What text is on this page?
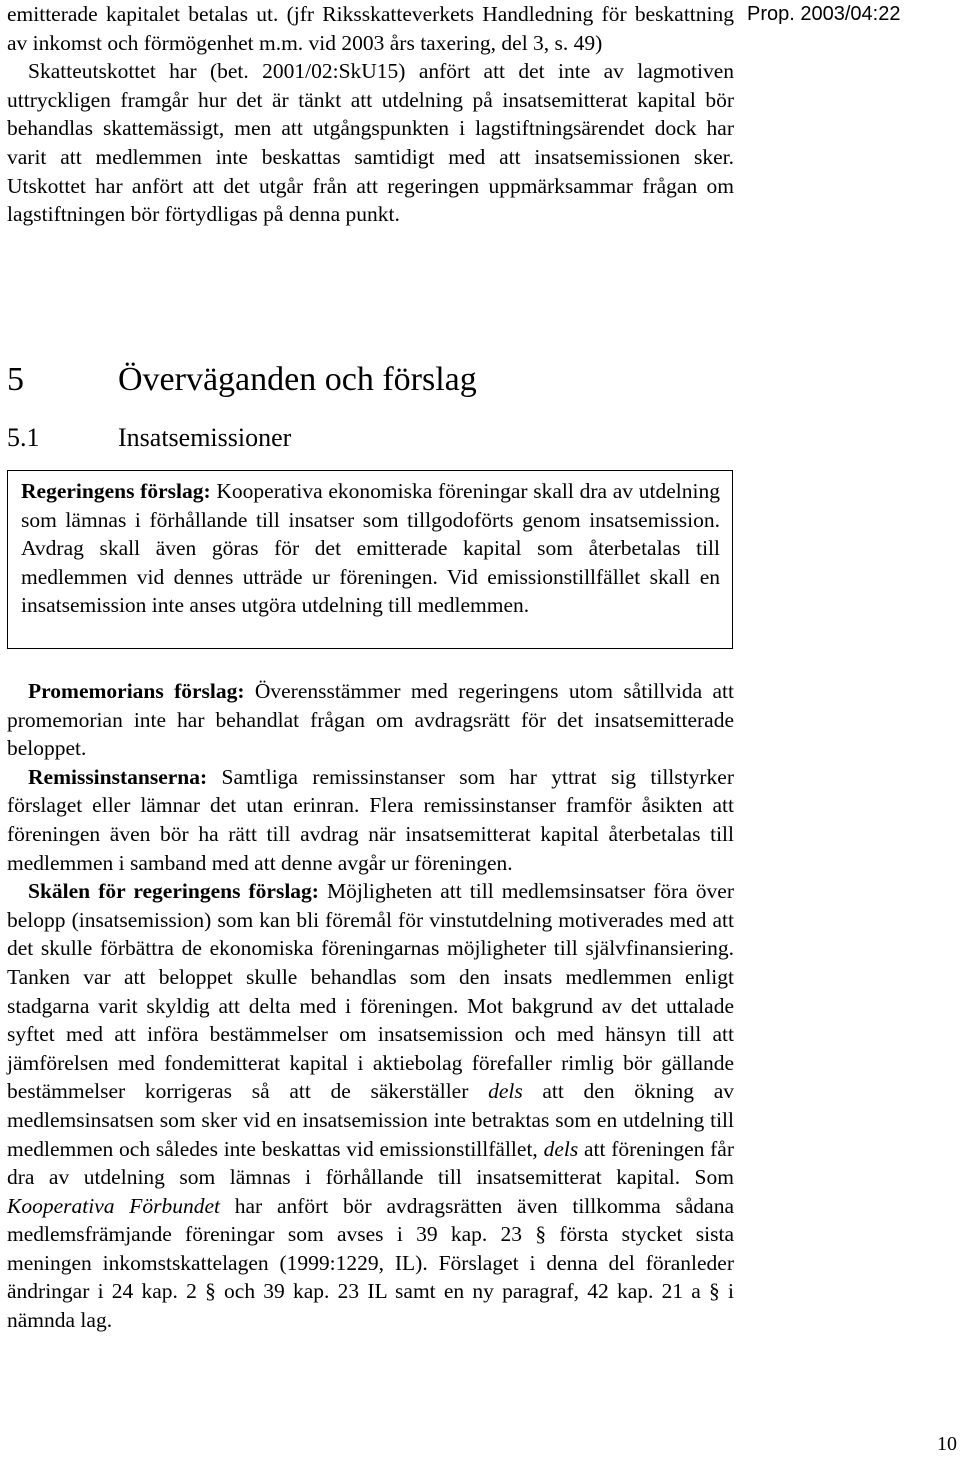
emitterade kapitalet betalas ut. (jfr Riksskatteverkets Handledning för beskattning av inkomst och förmögenhet m.m. vid 2003 års taxering, del 3, s. 49)

Skatteutskottet har (bet. 2001/02:SkU15) anfört att det inte av lagmotiven uttryckligen framgår hur det är tänkt att utdelning på insatsemitterat kapital bör behandlas skattemässigt, men att utgångspunkten i lagstiftningsärendet dock har varit att medlemmen inte beskattas samtidigt med att insatsemissionen sker. Utskottet har anfört att det utgår från att regeringen uppmärksammar frågan om lagstiftningen bör förtydligas på denna punkt.

Prop. 2003/04:22
5	Överväganden och förslag
5.1	Insatsemissioner
Regeringens förslag: Kooperativa ekonomiska föreningar skall dra av utdelning som lämnas i förhållande till insatser som tillgodoförts genom insatsemission. Avdrag skall även göras för det emitterade kapital som återbetalas till medlemmen vid dennes utträde ur föreningen. Vid emissionstillfället skall en insatsemission inte anses utgöra utdelning till medlemmen.

Promemorians förslag: Överensstämmer med regeringens utom såtillvida att promemorian inte har behandlat frågan om avdragsrätt för det insatsemitterade beloppet.

Remissinstanserna: Samtliga remissinstanser som har yttrat sig tillstyrker förslaget eller lämnar det utan erinran. Flera remissinstanser framför åsikten att föreningen även bör ha rätt till avdrag när insatsemitterat kapital återbetalas till medlemmen i samband med att denne avgår ur föreningen.

Skälen för regeringens förslag: Möjligheten att till medlemsinsatser föra över belopp (insatsemission) som kan bli föremål för vinstutdelning motiverades med att det skulle förbättra de ekonomiska föreningarnas möjligheter till självfinansiering. Tanken var att beloppet skulle behandlas som den insats medlemmen enligt stadgarna varit skyldig att delta med i föreningen. Mot bakgrund av det uttalade syftet med att införa bestämmelser om insatsemission och med hänsyn till att jämförelsen med fondemitterat kapital i aktiebolag förefaller rimlig bör gällande bestämmelser korrigeras så att de säkerställer dels att den ökning av medlemsinsatsen som sker vid en insatsemission inte betraktas som en utdelning till medlemmen och således inte beskattas vid emissionstillfället, dels att föreningen får dra av utdelning som lämnas i förhållande till insatsemitterat kapital. Som Kooperativa Förbundet har anfört bör avdragsrätten även tillkomma sådana medlemsfrämjande föreningar som avses i 39 kap. 23 § första stycket sista meningen inkomstskattelagen (1999:1229, IL). Förslaget i denna del föranleder ändringar i 24 kap. 2 § och 39 kap. 23 IL samt en ny paragraf, 42 kap. 21 a § i nämnda lag.

10
